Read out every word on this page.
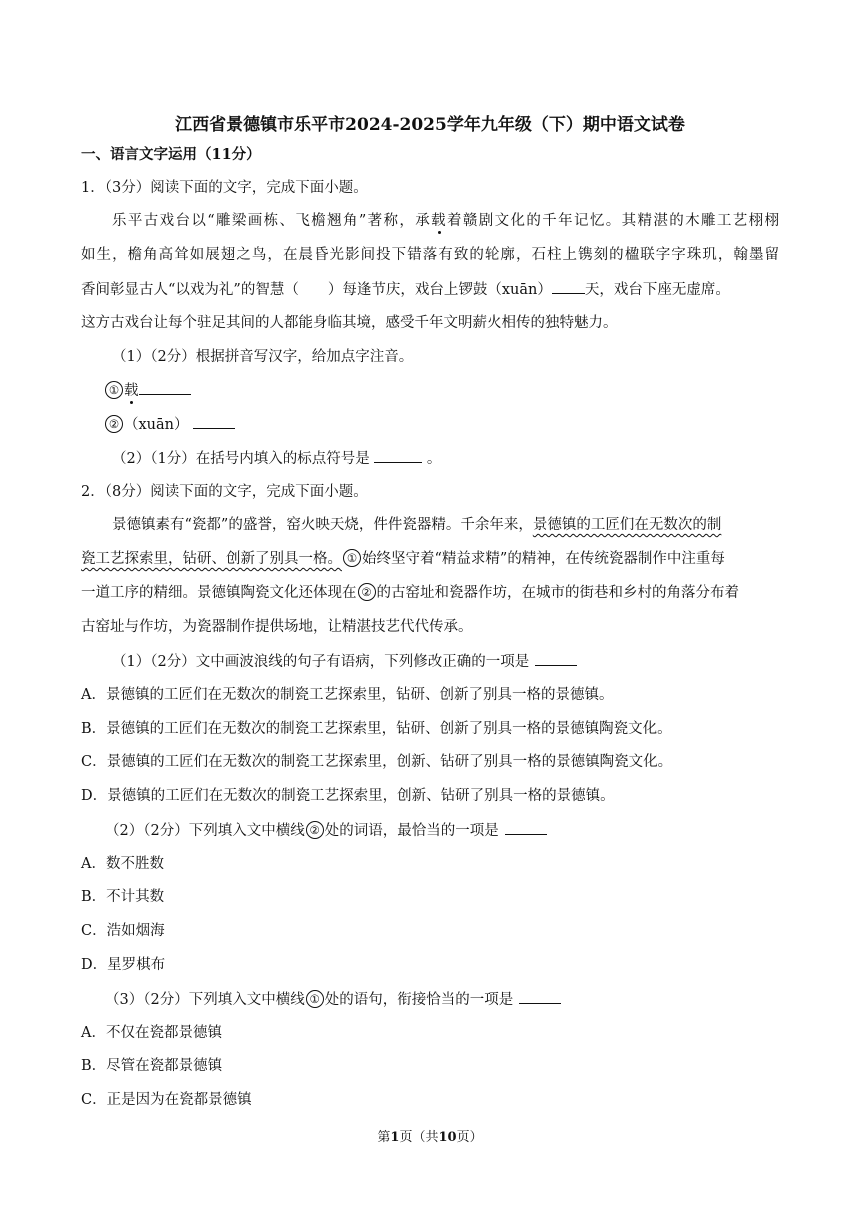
江西省景德镇市乐平市2024-2025学年九年级（下）期中语文试卷
一、语言文字运用（11分）
1．（3分）阅读下面的文字，完成下面小题。
乐平古戏台以“雕梁画栋、飞檐翘角”著称，承载着赣剧文化的千年记忆。其精湛的木雕工艺栩栩
如生，檐角高耸如展翅之鸟，在晨昏光影间投下错落有致的轮廓，石柱上镌刻的楹联字字珠玑，翰墨留
香间彰显古人“以戏为礼”的智慧（　　）每逢节庆，戏台上锣鼓（xuān） 天，戏台下座无虚席。
这方古戏台让每个驻足其间的人都能身临其境，感受千年文明薪火相传的独特魅力。
（1）（2分）根据拼音写汉字，给加点字注音。
① 载
② （xuān）
（2）（1分）在括号内填入的标点符号是	。
2．（8分）阅读下面的文字，完成下面小题。
景德镇素有“瓷都”的盛誉，窑火映天烧，件件瓷器精。千余年来，景德镇的工匠们在无数次的制
瓷工艺探索里，钻研、创新了别具一格。 ① 始终坚守着“精益求精”的精神，在传统瓷器制作中注重每
一道工序的精细。景德镇陶瓷文化还体现在 ② 的古窑址和瓷器作坊，在城市的街巷和乡村的角落分布着
古窑址与作坊，为瓷器制作提供场地，让精湛技艺代代传承。
（1）（2分）文中画波浪线的句子有语病，下列修改正确的一项是
A．景德镇的工匠们在无数次的制瓷工艺探索里，钻研、创新了别具一格的景德镇。
B．景德镇的工匠们在无数次的制瓷工艺探索里，钻研、创新了别具一格的景德镇陶瓷文化。
C．景德镇的工匠们在无数次的制瓷工艺探索里，创新、钻研了别具一格的景德镇陶瓷文化。
D．景德镇的工匠们在无数次的制瓷工艺探索里，创新、钻研了别具一格的景德镇。
（2）（2分）下列填入文中横线 ② 处的词语，最恰当的一项是
A．数不胜数
B．不计其数
C．浩如烟海
D．星罗棋布
（3）（2分）下列填入文中横线 ① 处的语句，衔接恰当的一项是
A．不仅在瓷都景德镇
B．尽管在瓷都景德镇
C．正是因为在瓷都景德镇
第1页（共10页）
